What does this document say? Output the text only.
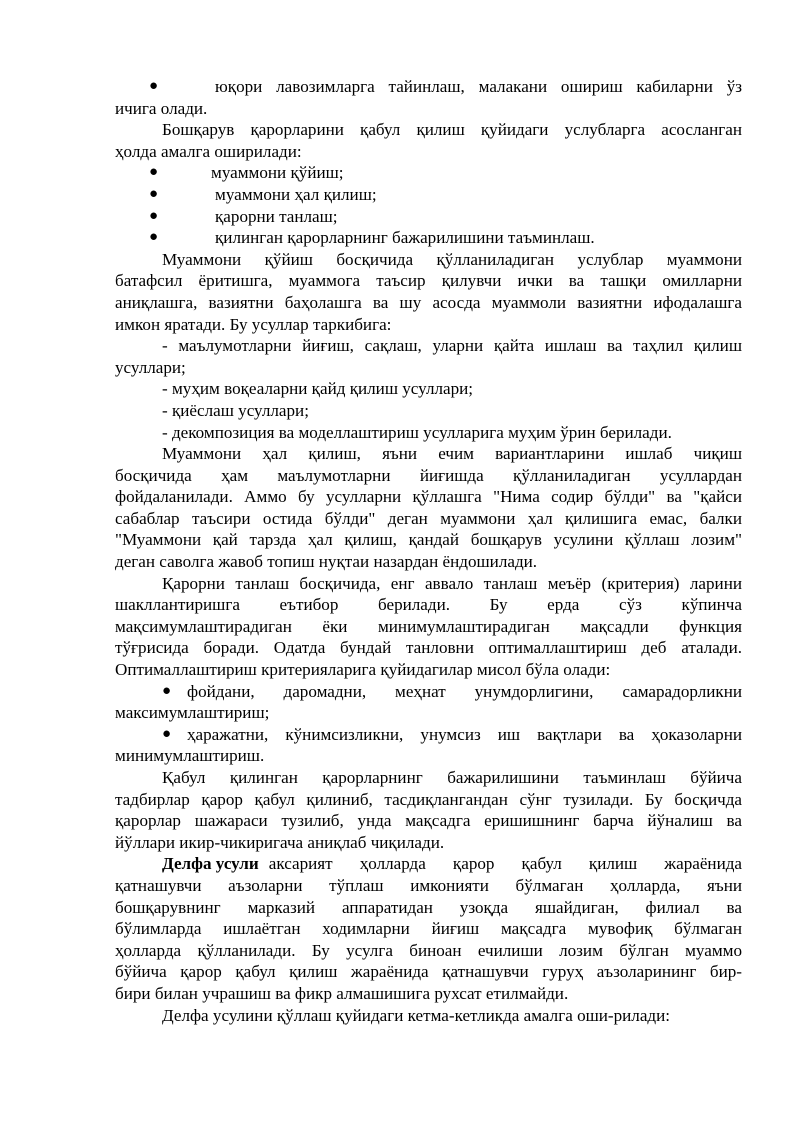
●	юқори лавозимларга тайинлаш, малакани ошириш кабиларни ўз
ичига олади.
Бошқарув қарорларини қабул қилиш қуйидаги услубларга асосланган
ҳолда амалга оширилади:
●	муаммони қўйиш;
●	муаммони ҳал қилиш;
●	қарорни танлаш;
●	қилинган қарорларнинг бажарилишини таъминлаш.
Муаммони қўйиш босқичида қўлланиладиган услублар муаммони
батафсил ёритишга, муаммога таъсир қилувчи ички ва ташқи омилларни
аниқлашга, вазиятни баҳолашга ва шу асосда муаммоли вазиятни ифодалашга
имкон яратади. Бу усуллар таркибига:
- маълумотларни йиғиш, сақлаш, уларни қайта ишлаш ва таҳлил қилиш
усуллари;
- муҳим воқеаларни қайд қилиш усуллари;
- қиёслаш усуллари;
- декомпозиция ва моделлаштириш усулларига муҳим ўрин берилади.
Муаммони ҳал қилиш, яъни ечим вариантларини ишлаб чиқиш
босқичида ҳам маълумотларни йиғишда қўлланиладиган усуллардан
фойдаланилади. Аммо бу усулларни қўллашга "Нима содир бўлди" ва "қайси
сабаблар таъсири остида бўлди" деган муаммони ҳал қилишига емас, балки
"Муаммони қай тарзда ҳал қилиш, қандай бошқарув усулини қўллаш лозим"
деган саволга жавоб топиш нуқтаи назардан ёндошилади.
Қарорни танлаш босқичида, енг аввало танлаш меъёр (критерия) ларини
шакллантиришга еътибор берилади. Бу ерда сўз кўпинча
мақсимумлаштирадиган ёки минимумлаштирадиган мақсадли функция
тўғрисида боради. Одатда бундай танловни оптималлаштириш деб аталади.
Оптималлаштириш критерияларига қуйидагилар мисол бўла олади:
● фойдани, даромадни, меҳнат унумдорлигини, самарадорликни
максимумлаштириш;
● ҳаражатни, кўнимсизликни, унумсиз иш вақтлари ва ҳоказоларни
минимумлаштириш.
Қабул қилинган қарорларнинг бажарилишини таъминлаш бўйича
тадбирлар қарор қабул қилиниб, тасдиқлангандан сўнг тузилади. Бу босқичда
қарорлар шажараси тузилиб, унда мақсадга еришишнинг барча йўналиш ва
йўллари икир-чикиригача аниқлаб чиқилади.
Делфа усули аксарият ҳолларда қарор қабул қилиш жараёнида
қатнашувчи аъзоларни тўплаш имконияти бўлмаган ҳолларда, яъни
бошқарувнинг марказий аппаратидан узоқда яшайдиган, филиал ва
бўлимларда ишлаётган ходимларни йиғиш мақсадга мувофиқ бўлмаган
ҳолларда қўлланилади. Бу усулга биноан ечилиши лозим бўлган муаммо
бўйича қарор қабул қилиш жараёнида қатнашувчи гуруҳ аъзоларининг бир-
бири билан учрашиш ва фикр алмашишига рухсат етилмайди.
Делфа усулини қўллаш қуйидаги кетма-кетликда амалга оши-рилади:
